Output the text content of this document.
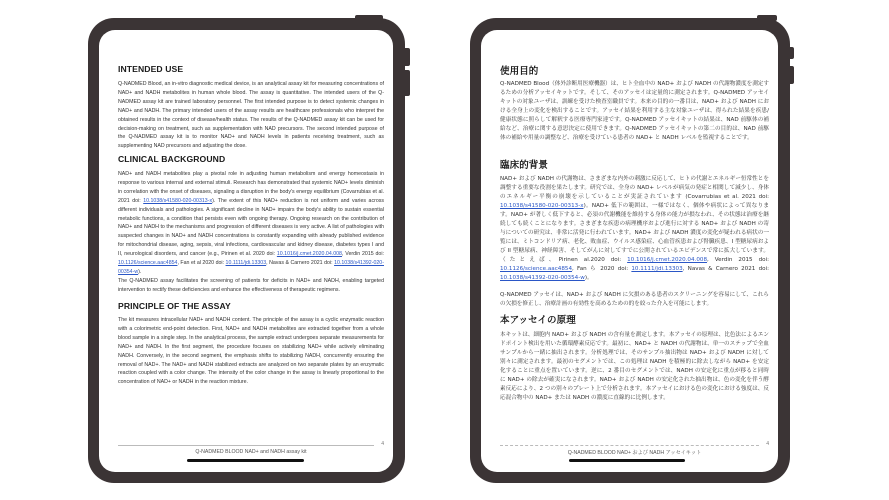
INTENDED USE
Q-NADMED Blood, an in-vitro diagnostic medical device, is an analytical assay kit for measuring concentrations of NAD+ and NADH metabolites in human whole blood. The assay is quantitative. The intended users of the Q-NADMED assay kit are trained laboratory personnel. The first intended purpose is to detect systemic changes in NAD+ and NADH. The primary intended users of the assay results are healthcare professionals who interpret the obtained results in the context of disease/health status. The results of the Q-NADMED assay kit can be used for decision-making on treatment, such as supplementation with NAD precursors. The second intended purpose of the Q-NADMED assay kit is to monitor NAD+ and NADH levels in patients receiving treatment, such as supplementing NAD precursors and adjusting the dose.
CLINICAL BACKGROUND
NAD+ and NADH metabolites play a pivotal role in adjusting human metabolism and energy homeostasis in response to various internal and external stimuli. Research has demonstrated that systemic NAD+ levels diminish in correlation with the onset of diseases, signaling a disruption in the body's energy equilibrium (Covarrubias et al. 2021 doi: 10.1038/s41580-020-00313-x). The extent of this NAD+ reduction is not uniform and varies across different individuals and pathologies. A significant decline in NAD+ impairs the body's ability to sustain essential metabolic functions, a condition that persists even with ongoing therapy. Ongoing research on the contribution of NAD+ and NADH to the mechanisms and progression of different diseases is very active. A list of pathologies with suspected changes in NAD+ and NADH concentrations is constantly expanding with already published evidence for mitochondrial disease, aging, sepsis, viral infections, cardiovascular and kidney disease, diabetes types I and II, neurological disorders, and cancer (e.g., Pirinen et al. 2020 doi: 10.1016/j.cmet.2020.04.008, Verdin 2015 doi: 10.1126/science.aac4854, Fan et al 2020 doi: 10.1111/jdi.13303, Navas & Carnero 2021 doi: 10.1038/s41392-020-00354-w).
The Q-NADMED assay facilitates the screening of patients for deficits in NAD+ and NADH, enabling targeted intervention to rectify these deficiencies and enhance the effectiveness of therapeutic regimens.
PRINCIPLE OF THE ASSAY
The kit measures intracellular NAD+ and NADH content. The principle of the assay is a cyclic enzymatic reaction with a colorimetric end-point detection. First, NAD+ and NADH metabolites are extracted together from a whole blood sample in a single step. In the analytical process, the sample extract undergoes separate measurements for NAD+ and NADH. In the first segment, the procedure focuses on stabilizing NAD+ while actively eliminating NADH. Conversely, in the second segment, the emphasis shifts to stabilizing NADH, concurrently ensuring the removal of NAD+. The NAD+ and NADH stabilized extracts are analyzed on two separate plates by an enzymatic reaction coupled with a color change. The intensity of the color change in the assay is linearly proportional to the concentration of NAD+ or NADH in the reaction mixture.
4
Q-NADMED BLOOD NAD+ and NADH assay kit
使用目的
Q-NADMED Blood（体外診断用医療機器）は、ヒト全血中の NAD+ および NADH の代謝物濃度を測定するための分析アッセイキットです。そして、そのアッセイは定量的に測定されます。Q-NADMED アッセイキットの対象ユーザは、訓練を受けた検査室職員です。本来の目的の一番目は、NAD+ および NADH における全身上の変化を検出することです。アッセイ結果を利用する主な対象ユーザは、得られた結果を疾患/健康状態に照らして解釈する医療専門家達です。Q-NADMED アッセイキットの結果は、NAD 前駆体の補給など、治療に関する意思決定に使用できます。Q-NADMED アッセイキットの第二の目的は、NAD 前駆体の補給や用量の調整など、治療を受けている患者の NAD+ と NADH レベルを監視することです。
臨床的背景
NAD+ および NADH の代謝物は、さまざまな内外の刺激に反応して、ヒトの代謝とエネルギー恒常性とを調整する重要な役割を果たします。研究では、全身の NAD+ レベルが病気の発症と相関して減少し、身体のエネルギー平衡の崩壊を示していることが実証されています (Covarrubias et al. 2021 doi: 10.1038/s41580-020-00313-x)。NAD+ 低下の範囲は、一様ではなく、個体や病状によって異なります。NAD+ が著しく低下すると、必須の代謝機能を維持する身体の能力が損なわれ、その状態は治療を継続しても続くことになります。さまざまな疾患の病理機序および進行に対する NAD+ および NADH の寄与についての研究は、非常に活発に行われています。NAD+ および NADH 濃度の変化が疑われる病状の一覧には、ミトコンドリア病、老化、敗血症、ウイルス感染症、心血管疾患および腎臓疾患、I 型糖尿病および II 型糖尿病、神経障害、そしてがんに対してすでに公開されているエビデンスで常に拡大しています。（たとえば、Pirinen al.2020 doi: 10.1016/j.cmet.2020.04.008, Verdin 2015 doi: 10.1126/science.aac4854, Fan ら 2020 doi: 10.1111/jdi.13303, Navas & Carnero 2021 doi: 10.1038/s41392-020-00354-w)。
Q-NADMED アッセイは、NAD+ および NADH に欠損のある患者のスクリーニングを容易にして、これらの欠損を修正し、治療計画の有効性を高めるための的を絞った介入を可能にします。
本アッセイの原理
本キットは、細胞内 NAD+ および NADH の含有量を測定します。本アッセイの原理は、比色法によるエンドポイント検出を用いた循環酵素反応です。最初に、NAD+ と NADH の代謝物は、単一のステップで全血サンプルから一緒に抽出されます。分析処理では、そのサンプル抽出物は NAD+ および NADH に対して別々に測定されます。最初のセグメントでは、この処理は NADH を積極的に除去しながら NAD+ を安定化することに重点を置いています。逆に、2 番目のセグメントでは、NADH の安定化に重点が移ると同時に NAD+ の除去が確実になされます。NAD+ および NADH の安定化された抽出物は、色の変化を伴う酵素反応により、2 つの別々のプレート上で分析されます。本アッセイにおける色の変化における強度は、反応混合物中の NAD+ または NADH の濃度に直線的に比例します。
4
Q-NADMED BLOOD NAD+ および NADH アッセイキット
